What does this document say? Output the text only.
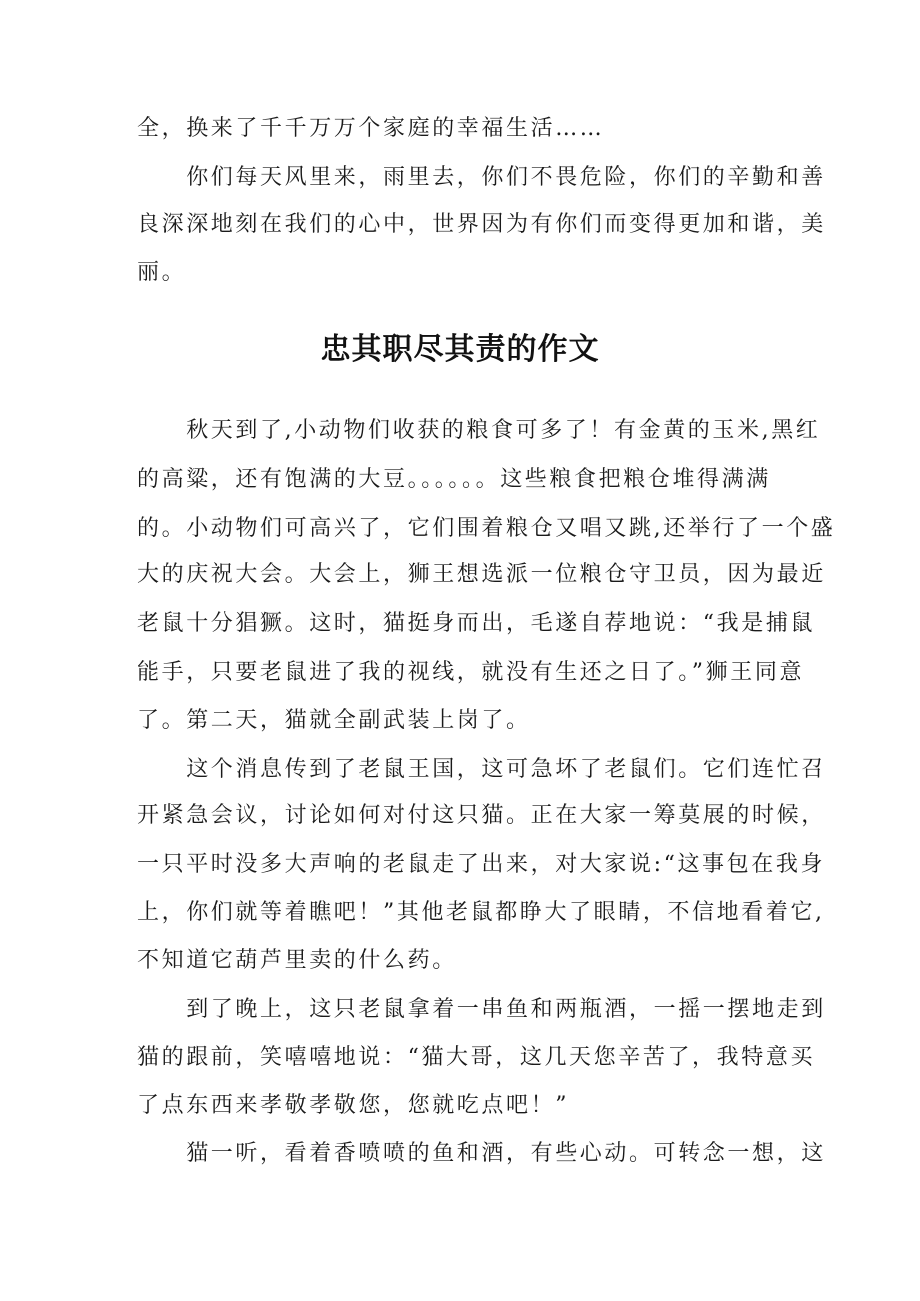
全，换来了千千万万个家庭的幸福生活……
　　你们每天风里来，雨里去，你们不畏危险，你们的辛勤和善
良深深地刻在我们的心中，世界因为有你们而变得更加和谐，美
丽。
忠其职尽其责的作文
　　秋天到了,小动物们收获的粮食可多了！有金黄的玉米,黑红
的高粱，还有饱满的大豆。。。。。。这些粮食把粮仓堆得满满
的。小动物们可高兴了，它们围着粮仓又唱又跳,还举行了一个盛
大的庆祝大会。大会上，狮王想选派一位粮仓守卫员，因为最近
老鼠十分猖獗。这时，猫挺身而出，毛遂自荐地说：“我是捕鼠
能手，只要老鼠进了我的视线，就没有生还之日了。”狮王同意
了。第二天，猫就全副武装上岗了。
　　这个消息传到了老鼠王国，这可急坏了老鼠们。它们连忙召
开紧急会议，讨论如何对付这只猫。正在大家一筹莫展的时候，
一只平时没多大声响的老鼠走了出来，对大家说:“这事包在我身
上，你们就等着瞧吧！”其他老鼠都睁大了眼睛，不信地看着它,
不知道它葫芦里卖的什么药。
　　到了晚上，这只老鼠拿着一串鱼和两瓶酒，一摇一摆地走到
猫的跟前，笑嘻嘻地说：“猫大哥，这几天您辛苦了，我特意买
了点东西来孝敬孝敬您，您就吃点吧！”
　　猫一听，看着香喷喷的鱼和酒，有些心动。可转念一想，这
